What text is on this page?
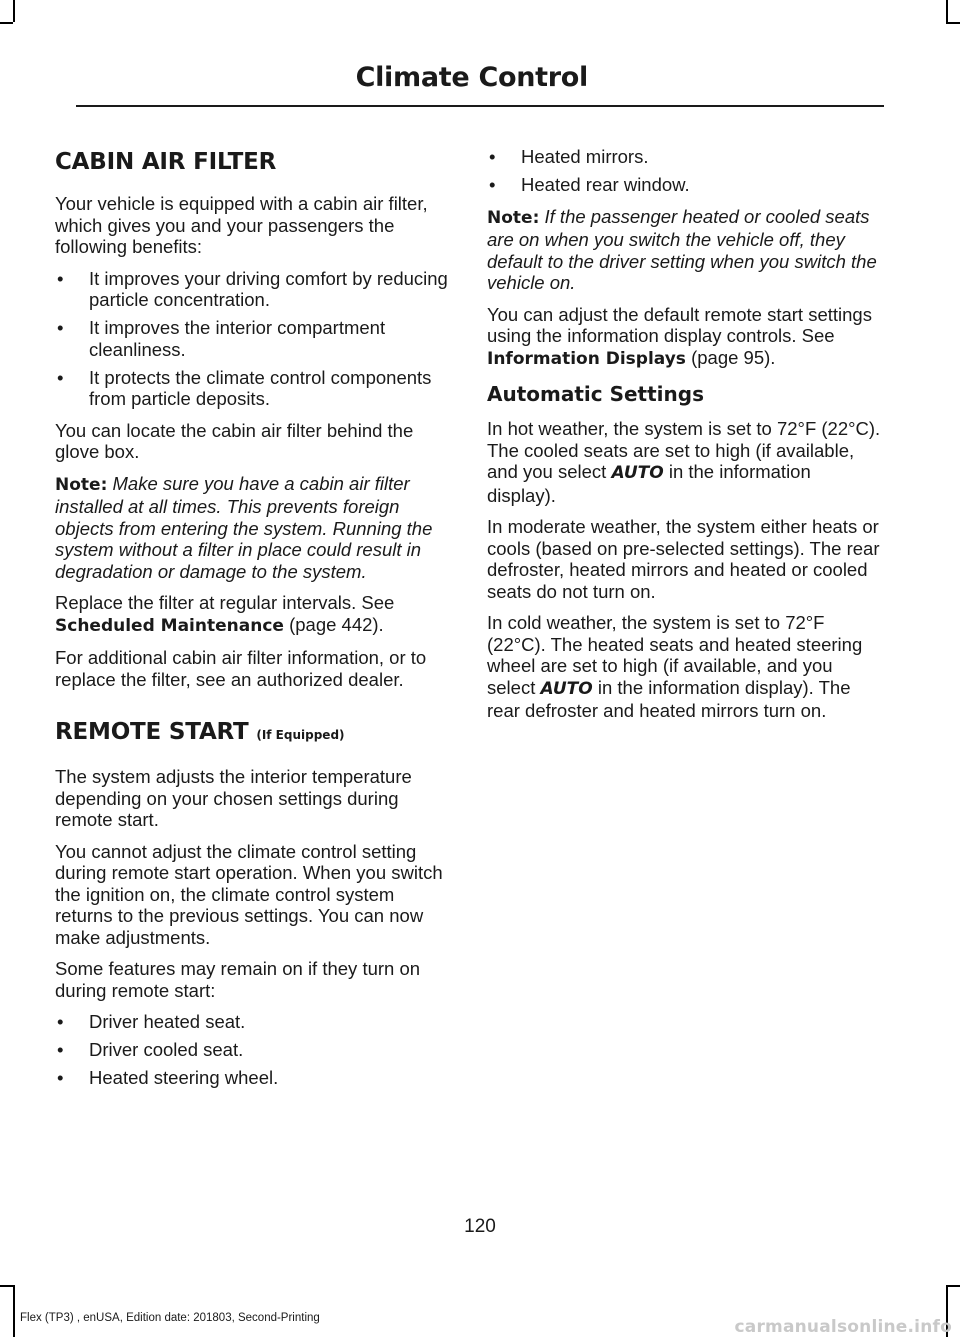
Climate Control
CABIN AIR FILTER

Your vehicle is equipped with a cabin air filter, which gives you and your passengers the following benefits:

• It improves your driving comfort by reducing particle concentration.
• It improves the interior compartment cleanliness.
• It protects the climate control components from particle deposits.

You can locate the cabin air filter behind the glove box.

Note: Make sure you have a cabin air filter installed at all times. This prevents foreign objects from entering the system. Running the system without a filter in place could result in degradation or damage to the system.

Replace the filter at regular intervals. See Scheduled Maintenance (page 442).

For additional cabin air filter information, or to replace the filter, see an authorized dealer.

REMOTE START (If Equipped)

The system adjusts the interior temperature depending on your chosen settings during remote start.

You cannot adjust the climate control setting during remote start operation. When you switch the ignition on, the climate control system returns to the previous settings. You can now make adjustments.

Some features may remain on if they turn on during remote start:

• Driver heated seat.
• Driver cooled seat.
• Heated steering wheel.
• Heated mirrors.
• Heated rear window.

Note: If the passenger heated or cooled seats are on when you switch the vehicle off, they default to the driver setting when you switch the vehicle on.

You can adjust the default remote start settings using the information display controls. See Information Displays (page 95).

Automatic Settings

In hot weather, the system is set to 72°F (22°C). The cooled seats are set to high (if available, and you select AUTO in the information display).

In moderate weather, the system either heats or cools (based on pre-selected settings). The rear defroster, heated mirrors and heated or cooled seats do not turn on.

In cold weather, the system is set to 72°F (22°C). The heated seats and heated steering wheel are set to high (if available, and you select AUTO in the information display). The rear defroster and heated mirrors turn on.

120
Flex (TP3) , enUSA, Edition date: 201803, Second-Printing	carmanualsonline.info
